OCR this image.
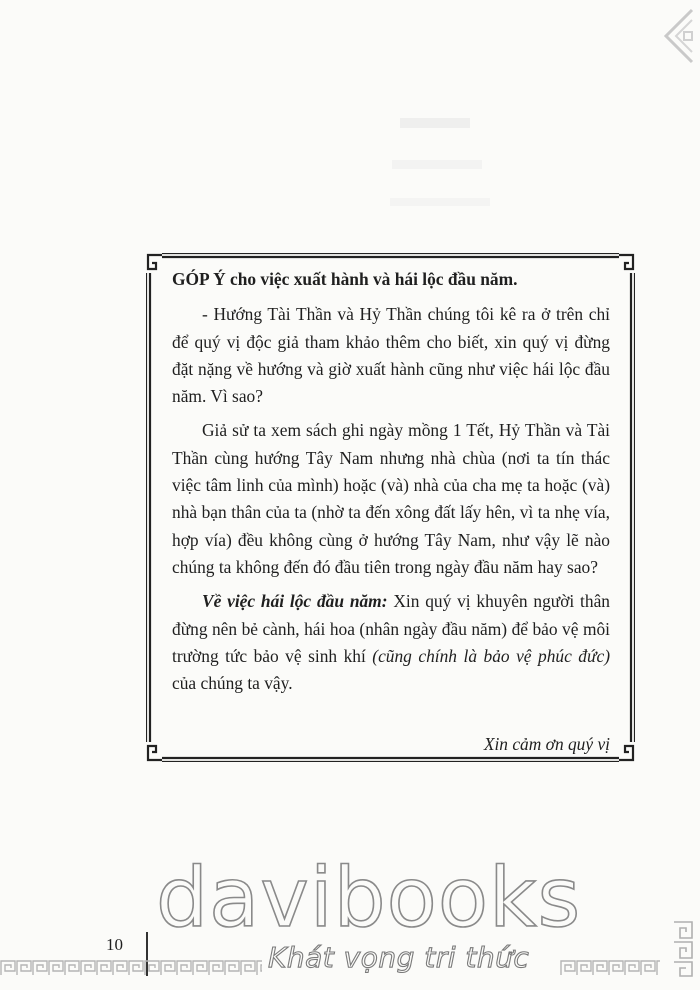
GÓP Ý cho việc xuất hành và hái lộc đầu năm.

- Hướng Tài Thần và Hỷ Thần chúng tôi kê ra ở trên chỉ để quý vị độc giả tham khảo thêm cho biết, xin quý vị đừng đặt nặng về hướng và giờ xuất hành cũng như việc hái lộc đầu năm. Vì sao?

Giả sử ta xem sách ghi ngày mồng 1 Tết, Hỷ Thần và Tài Thần cùng hướng Tây Nam nhưng nhà chùa (nơi ta tín thác việc tâm linh của mình) hoặc (và) nhà của cha mẹ ta hoặc (và) nhà bạn thân của ta (nhờ ta đến xông đất lấy hên, vì ta nhẹ vía, hợp vía) đều không cùng ở hướng Tây Nam, như vậy lẽ nào chúng ta không đến đó đầu tiên trong ngày đầu năm hay sao?

Về việc hái lộc đầu năm: Xin quý vị khuyên người thân đừng nên bẻ cành, hái hoa (nhân ngày đầu năm) để bảo vệ môi trường tức bảo vệ sinh khí (cũng chính là bảo vệ phúc đức) của chúng ta vậy.

Xin cảm ơn quý vị

davibooks
10	Khát vọng tri thức
